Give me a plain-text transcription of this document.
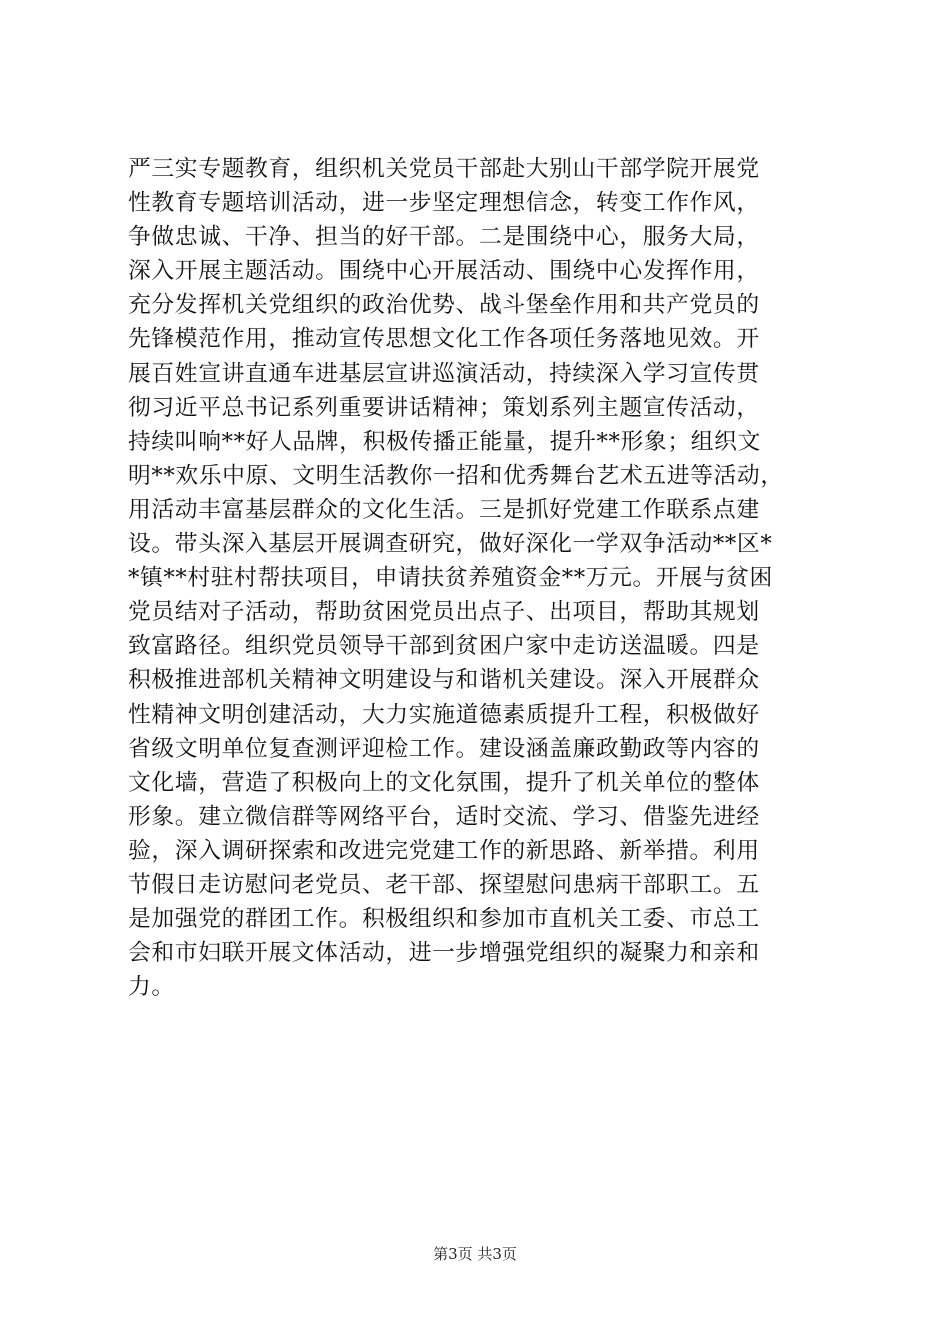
严三实专题教育，组织机关党员干部赴大别山干部学院开展党
性教育专题培训活动，进一步坚定理想信念，转变工作作风，
争做忠诚、干净、担当的好干部。二是围绕中心，服务大局，
深入开展主题活动。围绕中心开展活动、围绕中心发挥作用，
充分发挥机关党组织的政治优势、战斗堡垒作用和共产党员的
先锋模范作用，推动宣传思想文化工作各项任务落地见效。开
展百姓宣讲直通车进基层宣讲巡演活动，持续深入学习宣传贯
彻习近平总书记系列重要讲话精神；策划系列主题宣传活动，
持续叫响**好人品牌，积极传播正能量，提升**形象；组织文
明**欢乐中原、文明生活教你一招和优秀舞台艺术五进等活动，
用活动丰富基层群众的文化生活。三是抓好党建工作联系点建
设。带头深入基层开展调查研究，做好深化一学双争活动**区*
*镇**村驻村帮扶项目，申请扶贫养殖资金**万元。开展与贫困
党员结对子活动，帮助贫困党员出点子、出项目，帮助其规划
致富路径。组织党员领导干部到贫困户家中走访送温暖。四是
积极推进部机关精神文明建设与和谐机关建设。深入开展群众
性精神文明创建活动，大力实施道德素质提升工程，积极做好
省级文明单位复查测评迎检工作。建设涵盖廉政勤政等内容的
文化墙，营造了积极向上的文化氛围，提升了机关单位的整体
形象。建立微信群等网络平台，适时交流、学习、借鉴先进经
验，深入调研探索和改进完党建工作的新思路、新举措。利用
节假日走访慰问老党员、老干部、探望慰问患病干部职工。五
是加强党的群团工作。积极组织和参加市直机关工委、市总工
会和市妇联开展文体活动，进一步增强党组织的凝聚力和亲和
力。
第3页 共3页
